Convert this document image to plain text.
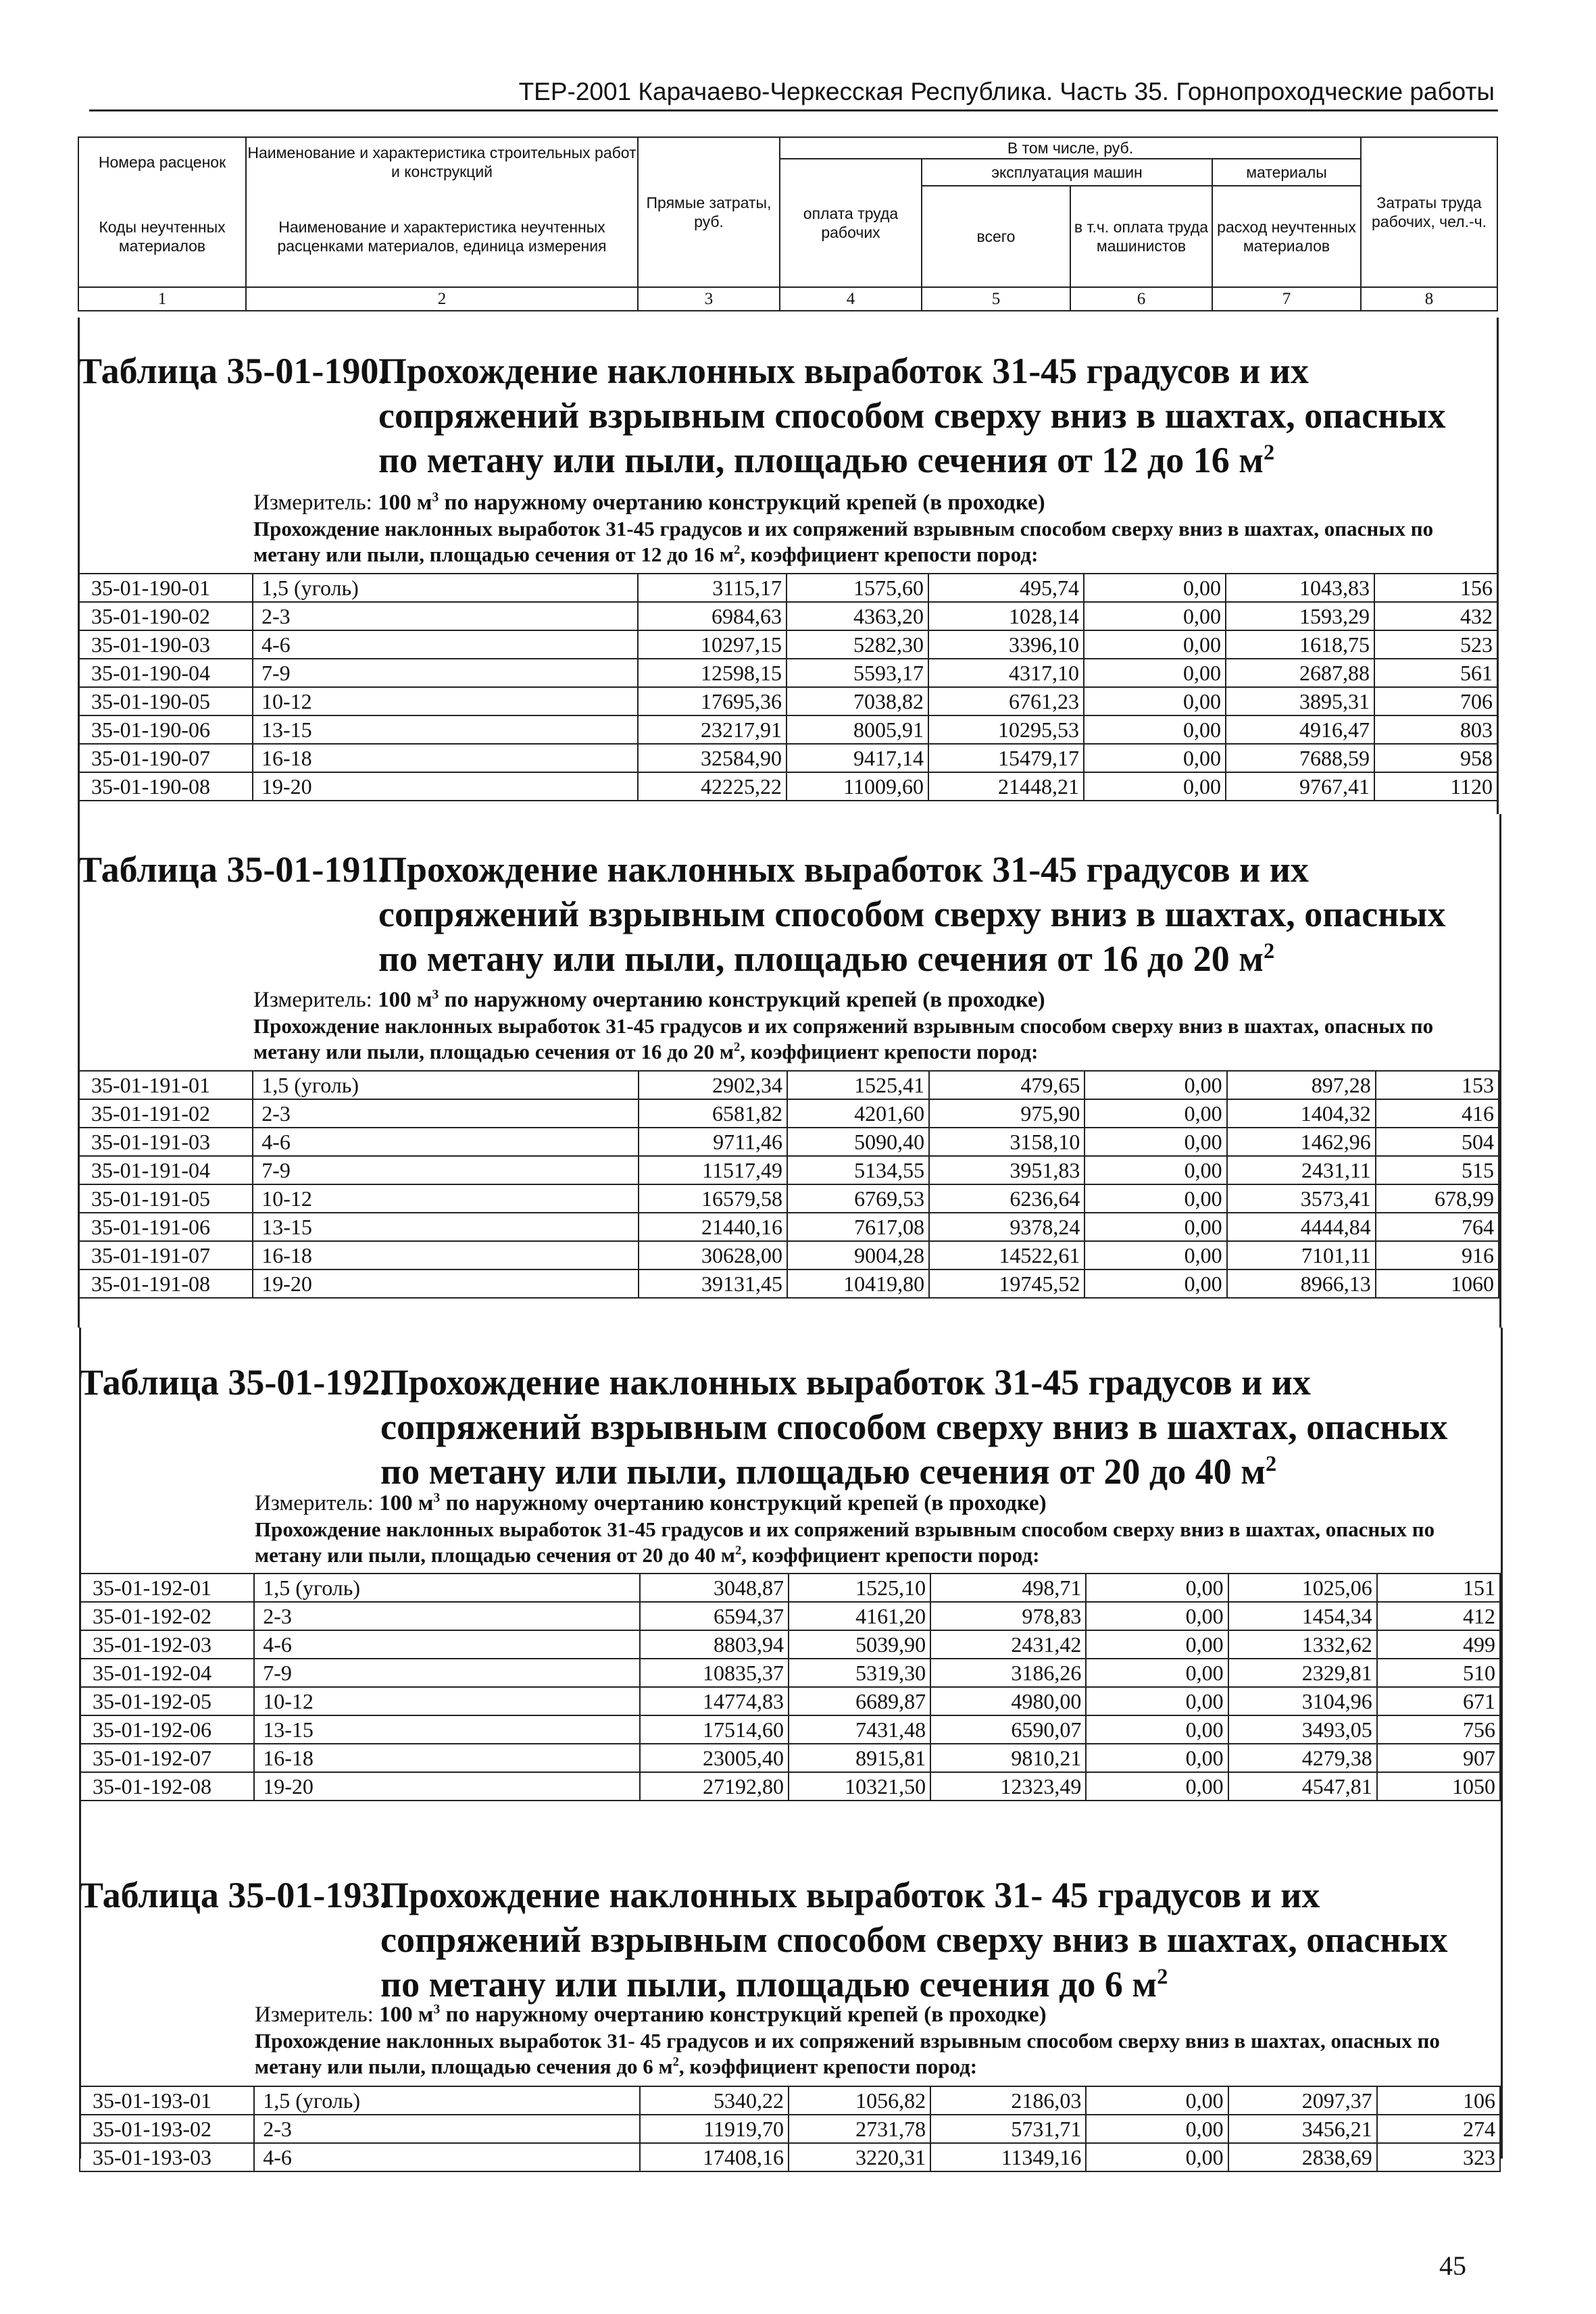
ТЕР-2001 Карачаево-Черкесская Республика. Часть 35. Горнопроходческие работы
Номера расценок	Наименование и характеристика строительных работ и конструкций	Прямые затраты, руб.	В том числе, руб.				Затраты труда рабочих, чел.-ч.
			оплата труда рабочих	эксплуатация машин		материалы	
Коды неучтенных материалов	Наименование и характеристика неучтенных расценками материалов, единица измерения			всего	в т.ч. оплата труда машинистов	расход неучтенных материалов	
1	2	3	4	5	6	7	8
Таблица 35-01-190.
Прохождение наклонных выработок 31-45 градусов и их сопряжений взрывным способом сверху вниз в шахтах, опасных по метану или пыли, площадью сечения от 12 до 16 $м^2$
Измеритель: 100 $м^3$ по наружному очертанию конструкций крепей (в проходке)
Прохождение наклонных выработок 31-45 градусов и их сопряжений взрывным способом сверху вниз в шахтах, опасных по метану или пыли, площадью сечения от 12 до 16 $м^2$, коэффициент крепости пород:
35-01-190-01	1,5 (уголь)	3115,17	1575,60	495,74	0,00	1043,83	156
35-01-190-02	2-3	6984,63	4363,20	1028,14	0,00	1593,29	432
35-01-190-03	4-6	10297,15	5282,30	3396,10	0,00	1618,75	523
35-01-190-04	7-9	12598,15	5593,17	4317,10	0,00	2687,88	561
35-01-190-05	10-12	17695,36	7038,82	6761,23	0,00	3895,31	706
35-01-190-06	13-15	23217,91	8005,91	10295,53	0,00	4916,47	803
35-01-190-07	16-18	32584,90	9417,14	15479,17	0,00	7688,59	958
35-01-190-08	19-20	42225,22	11009,60	21448,21	0,00	9767,41	1120
Таблица 35-01-191.
Прохождение наклонных выработок 31-45 градусов и их сопряжений взрывным способом сверху вниз в шахтах, опасных по метану или пыли, площадью сечения от 16 до 20 $м^2$
Измеритель: 100 $м^3$ по наружному очертанию конструкций крепей (в проходке)
Прохождение наклонных выработок 31-45 градусов и их сопряжений взрывным способом сверху вниз в шахтах, опасных по метану или пыли, площадью сечения от 16 до 20 $м^2$, коэффициент крепости пород:
35-01-191-01	1,5 (уголь)	2902,34	1525,41	479,65	0,00	897,28	153
35-01-191-02	2-3	6581,82	4201,60	975,90	0,00	1404,32	416
35-01-191-03	4-6	9711,46	5090,40	3158,10	0,00	1462,96	504
35-01-191-04	7-9	11517,49	5134,55	3951,83	0,00	2431,11	515
35-01-191-05	10-12	16579,58	6769,53	6236,64	0,00	3573,41	678,99
35-01-191-06	13-15	21440,16	7617,08	9378,24	0,00	4444,84	764
35-01-191-07	16-18	30628,00	9004,28	14522,61	0,00	7101,11	916
35-01-191-08	19-20	39131,45	10419,80	19745,52	0,00	8966,13	1060
Таблица 35-01-192.
Прохождение наклонных выработок 31-45 градусов и их сопряжений взрывным способом сверху вниз в шахтах, опасных по метану или пыли, площадью сечения от 20 до 40 $м^2$
Измеритель: 100 $м^3$ по наружному очертанию конструкций крепей (в проходке)
Прохождение наклонных выработок 31-45 градусов и их сопряжений взрывным способом сверху вниз в шахтах, опасных по метану или пыли, площадью сечения от 20 до 40 $м^2$, коэффициент крепости пород:
35-01-192-01	1,5 (уголь)	3048,87	1525,10	498,71	0,00	1025,06	151
35-01-192-02	2-3	6594,37	4161,20	978,83	0,00	1454,34	412
35-01-192-03	4-6	8803,94	5039,90	2431,42	0,00	1332,62	499
35-01-192-04	7-9	10835,37	5319,30	3186,26	0,00	2329,81	510
35-01-192-05	10-12	14774,83	6689,87	4980,00	0,00	3104,96	671
35-01-192-06	13-15	17514,60	7431,48	6590,07	0,00	3493,05	756
35-01-192-07	16-18	23005,40	8915,81	9810,21	0,00	4279,38	907
35-01-192-08	19-20	27192,80	10321,50	12323,49	0,00	4547,81	1050
Таблица 35-01-193.
Прохождение наклонных выработок 31- 45 градусов и их сопряжений взрывным способом сверху вниз в шахтах, опасных по метану или пыли, площадью сечения до 6 $м^2$
Измеритель: 100 $м^3$ по наружному очертанию конструкций крепей (в проходке)
Прохождение наклонных выработок 31- 45 градусов и их сопряжений взрывным способом сверху вниз в шахтах, опасных по метану или пыли, площадью сечения до 6 $м^2$, коэффициент крепости пород:
35-01-193-01	1,5 (уголь)	5340,22	1056,82	2186,03	0,00	2097,37	106
35-01-193-02	2-3	11919,70	2731,78	5731,71	0,00	3456,21	274
35-01-193-03	4-6	17408,16	3220,31	11349,16	0,00	2838,69	323
45
